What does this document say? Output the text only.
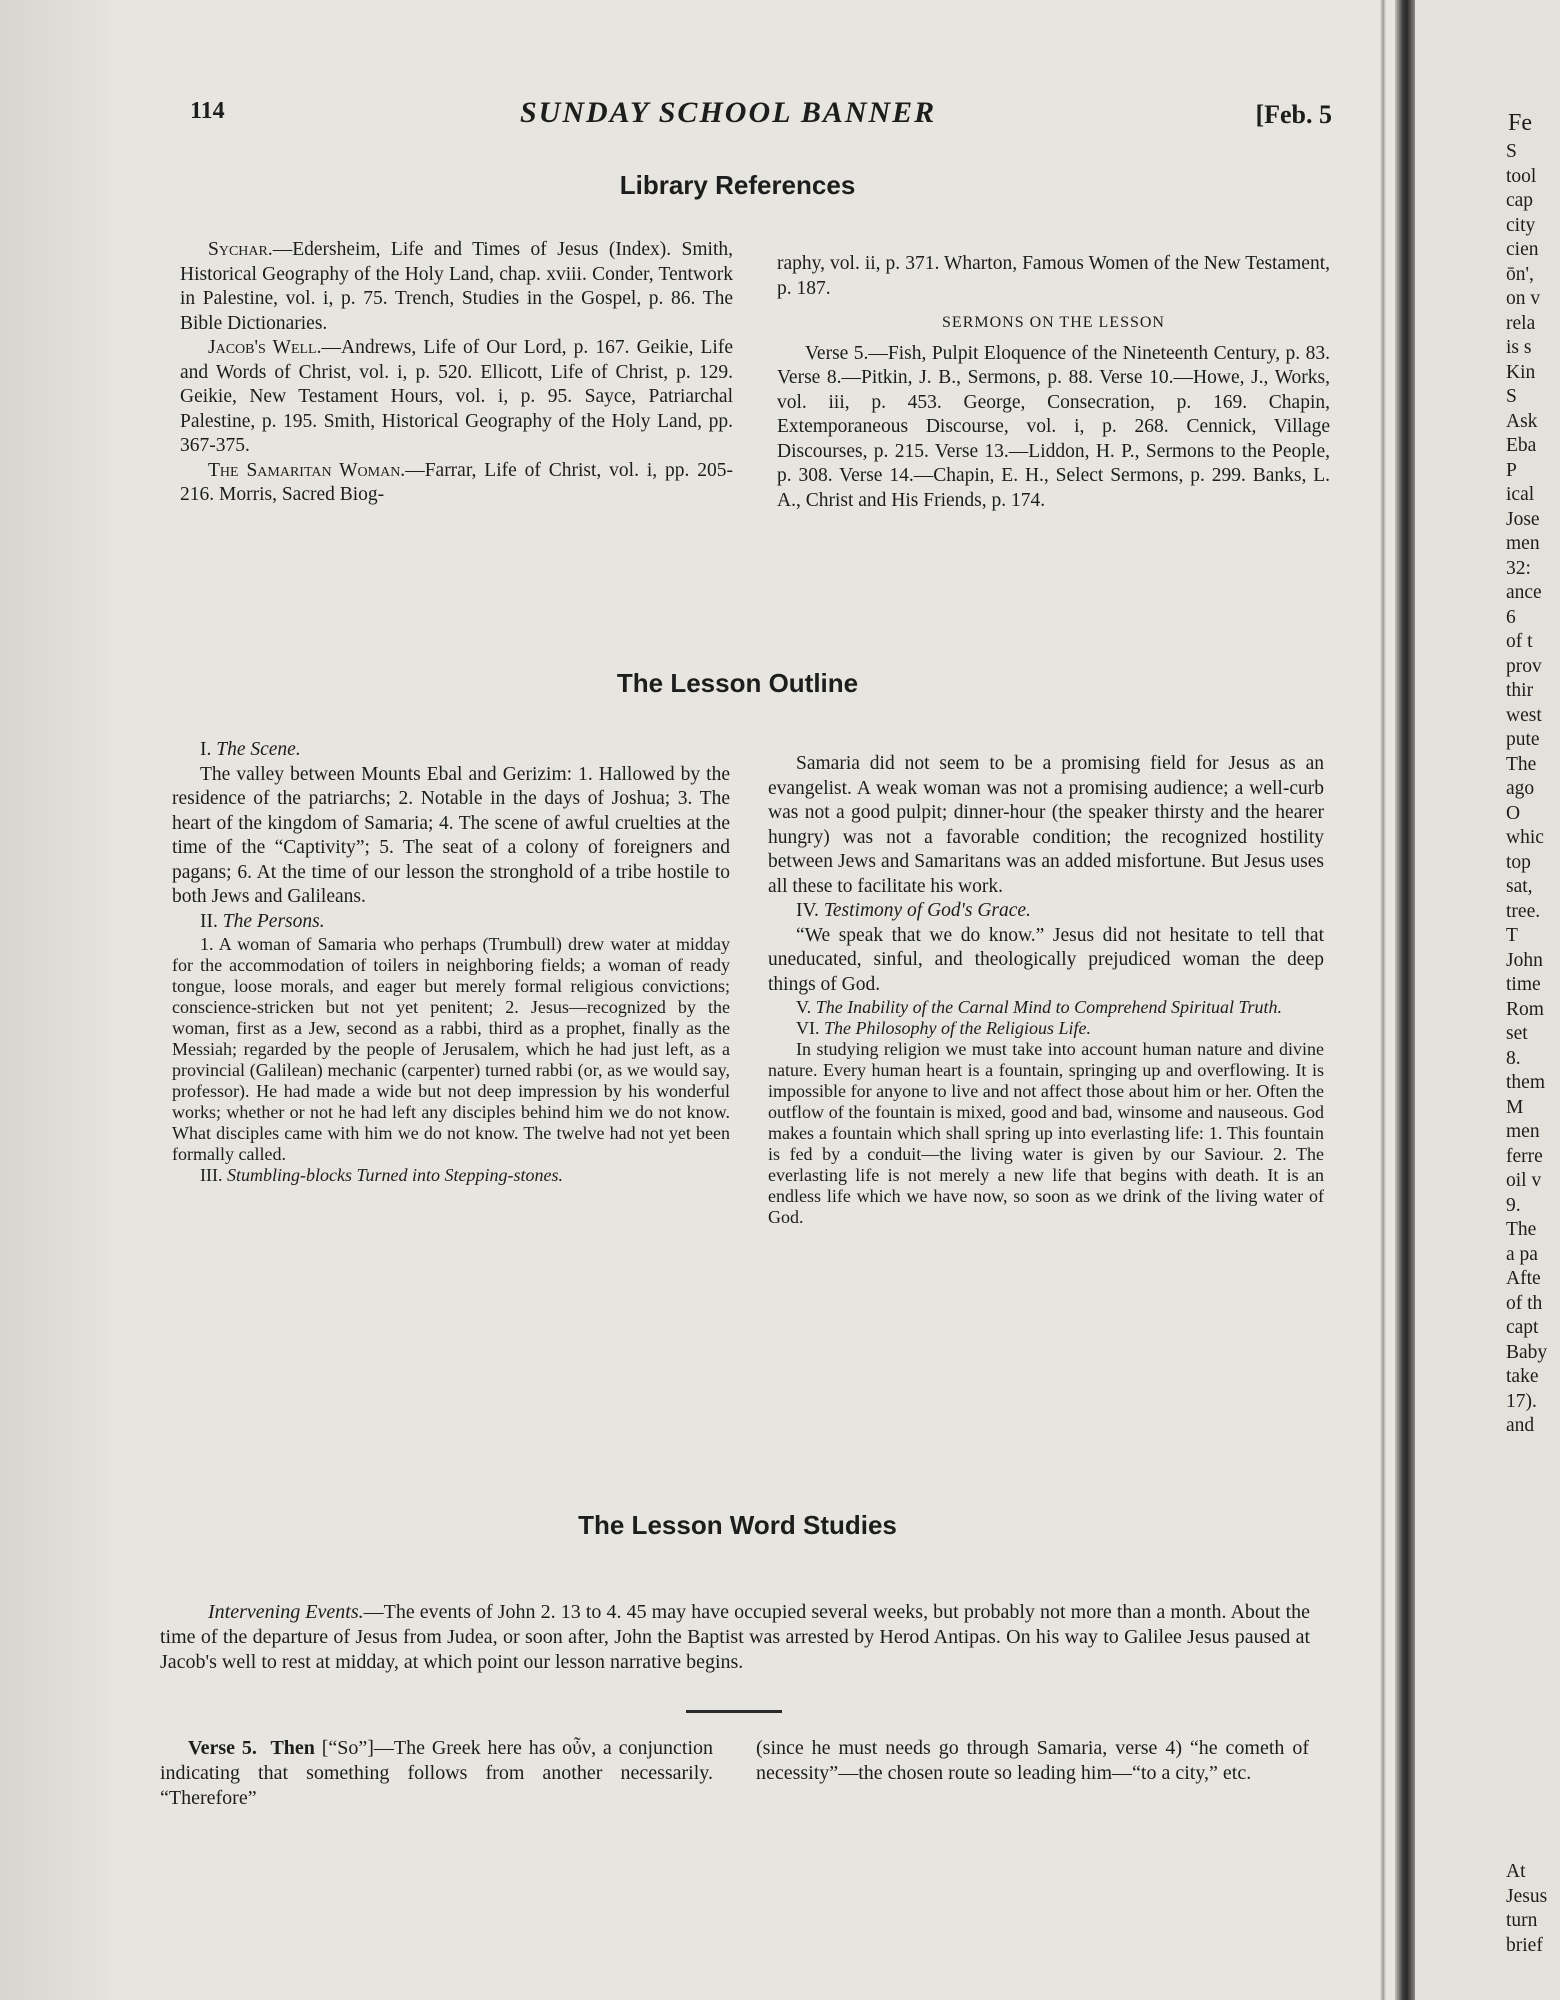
Fe
S
tool
cap
city
cien
ōn',
on v
rela
is s
Kin
S
Ask
Eba
P
ical
Jose
men
32:
ance
6
of t
prov
thir
west
pute
The
ago
O
whic
top
sat,
tree.
T
John
time
Rom
set
8.
them
M
men
ferre
oil v
9.
The
a pa
Afte
of th
capt
Baby
take
17).
and
At
Jesus
turn
brief
114	SUNDAY SCHOOL BANNER	[Feb. 5
Library References

Sychar.—Edersheim, Life and Times of Jesus (Index). Smith, Historical Geography of the Holy Land, chap. xviii. Conder, Tentwork in Palestine, vol. i, p. 75. Trench, Studies in the Gospel, p. 86. The Bible Dictionaries.

Jacob's Well.—Andrews, Life of Our Lord, p. 167. Geikie, Life and Words of Christ, vol. i, p. 520. Ellicott, Life of Christ, p. 129. Geikie, New Testament Hours, vol. i, p. 95. Sayce, Patriarchal Palestine, p. 195. Smith, Historical Geography of the Holy Land, pp. 367-375.

The Samaritan Woman.—Farrar, Life of Christ, vol. i, pp. 205-216. Morris, Sacred Biog-

raphy, vol. ii, p. 371. Wharton, Famous Women of the New Testament, p. 187.

SERMONS ON THE LESSON

Verse 5.—Fish, Pulpit Eloquence of the Nineteenth Century, p. 83. Verse 8.—Pitkin, J. B., Sermons, p. 88. Verse 10.—Howe, J., Works, vol. iii, p. 453. George, Consecration, p. 169. Chapin, Extemporaneous Discourse, vol. i, p. 268. Cennick, Village Discourses, p. 215. Verse 13.—Liddon, H. P., Sermons to the People, p. 308. Verse 14.—Chapin, E. H., Select Sermons, p. 299. Banks, L. A., Christ and His Friends, p. 174.

The Lesson Outline

I. The Scene.

The valley between Mounts Ebal and Gerizim: 1. Hallowed by the residence of the patriarchs; 2. Notable in the days of Joshua; 3. The heart of the kingdom of Samaria; 4. The scene of awful cruelties at the time of the “Captivity”; 5. The seat of a colony of foreigners and pagans; 6. At the time of our lesson the stronghold of a tribe hostile to both Jews and Galileans.

II. The Persons.

1. A woman of Samaria who perhaps (Trumbull) drew water at midday for the accommodation of toilers in neighboring fields; a woman of ready tongue, loose morals, and eager but merely formal religious convictions; conscience-stricken but not yet penitent; 2. Jesus—recognized by the woman, first as a Jew, second as a rabbi, third as a prophet, finally as the Messiah; regarded by the people of Jerusalem, which he had just left, as a provincial (Galilean) mechanic (carpenter) turned rabbi (or, as we would say, professor). He had made a wide but not deep impression by his wonderful works; whether or not he had left any disciples behind him we do not know. What disciples came with him we do not know. The twelve had not yet been formally called.

III. Stumbling-blocks Turned into Stepping-stones.

Samaria did not seem to be a promising field for Jesus as an evangelist. A weak woman was not a promising audience; a well-curb was not a good pulpit; dinner-hour (the speaker thirsty and the hearer hungry) was not a favorable condition; the recognized hostility between Jews and Samaritans was an added misfortune. But Jesus uses all these to facilitate his work.

IV. Testimony of God's Grace.

“We speak that we do know.” Jesus did not hesitate to tell that uneducated, sinful, and theologically prejudiced woman the deep things of God.

V. The Inability of the Carnal Mind to Comprehend Spiritual Truth.

VI. The Philosophy of the Religious Life.

In studying religion we must take into account human nature and divine nature. Every human heart is a fountain, springing up and overflowing. It is impossible for anyone to live and not affect those about him or her. Often the outflow of the fountain is mixed, good and bad, winsome and nauseous. God makes a fountain which shall spring up into everlasting life: 1. This fountain is fed by a conduit—the living water is given by our Saviour. 2. The everlasting life is not merely a new life that begins with death. It is an endless life which we have now, so soon as we drink of the living water of God.

The Lesson Word Studies

Intervening Events.—The events of John 2. 13 to 4. 45 may have occupied several weeks, but probably not more than a month. About the time of the departure of Jesus from Judea, or soon after, John the Baptist was arrested by Herod Antipas. On his way to Galilee Jesus paused at Jacob's well to rest at midday, at which point our lesson narrative begins.

Verse 5. Then [“So”]—The Greek here has οὖν, a conjunction indicating that something follows from another necessarily. “Therefore”

(since he must needs go through Samaria, verse 4) “he cometh of necessity”—the chosen route so leading him—“to a city,” etc.
